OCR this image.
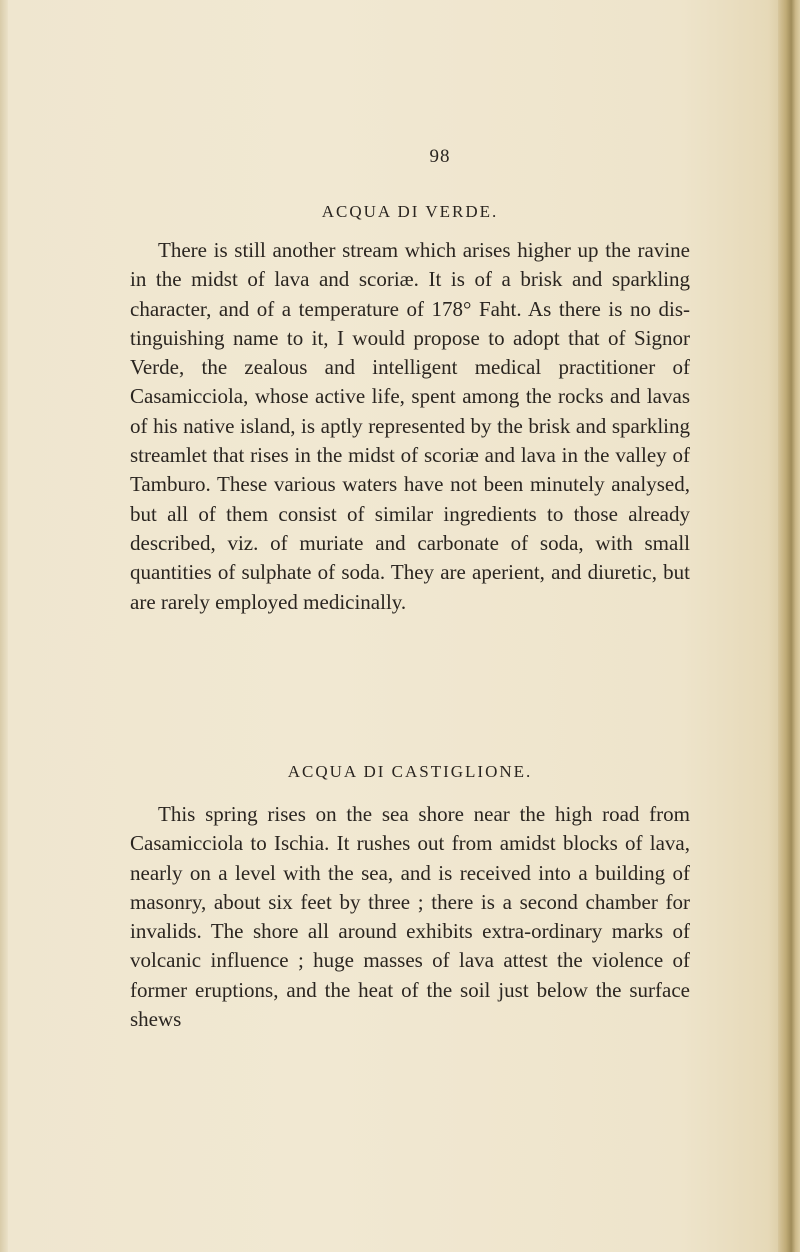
98
ACQUA DI VERDE.

There is still another stream which arises higher up the ravine in the midst of lava and scoriæ. It is of a brisk and sparkling character, and of a temperature of 178° Faht. As there is no dis-tinguishing name to it, I would propose to adopt that of Signor Verde, the zealous and intelligent medical practitioner of Casamicciola, whose active life, spent among the rocks and lavas of his native island, is aptly represented by the brisk and sparkling streamlet that rises in the midst of scoriæ and lava in the valley of Tamburo. These various waters have not been minutely analysed, but all of them consist of similar ingredients to those already described, viz. of muriate and carbonate of soda, with small quantities of sulphate of soda. They are aperient, and diuretic, but are rarely employed medicinally.

ACQUA DI CASTIGLIONE.

This spring rises on the sea shore near the high road from Casamicciola to Ischia. It rushes out from amidst blocks of lava, nearly on a level with the sea, and is received into a building of masonry, about six feet by three ; there is a second chamber for invalids. The shore all around exhibits extra-ordinary marks of volcanic influence ; huge masses of lava attest the violence of former eruptions, and the heat of the soil just below the surface shews
